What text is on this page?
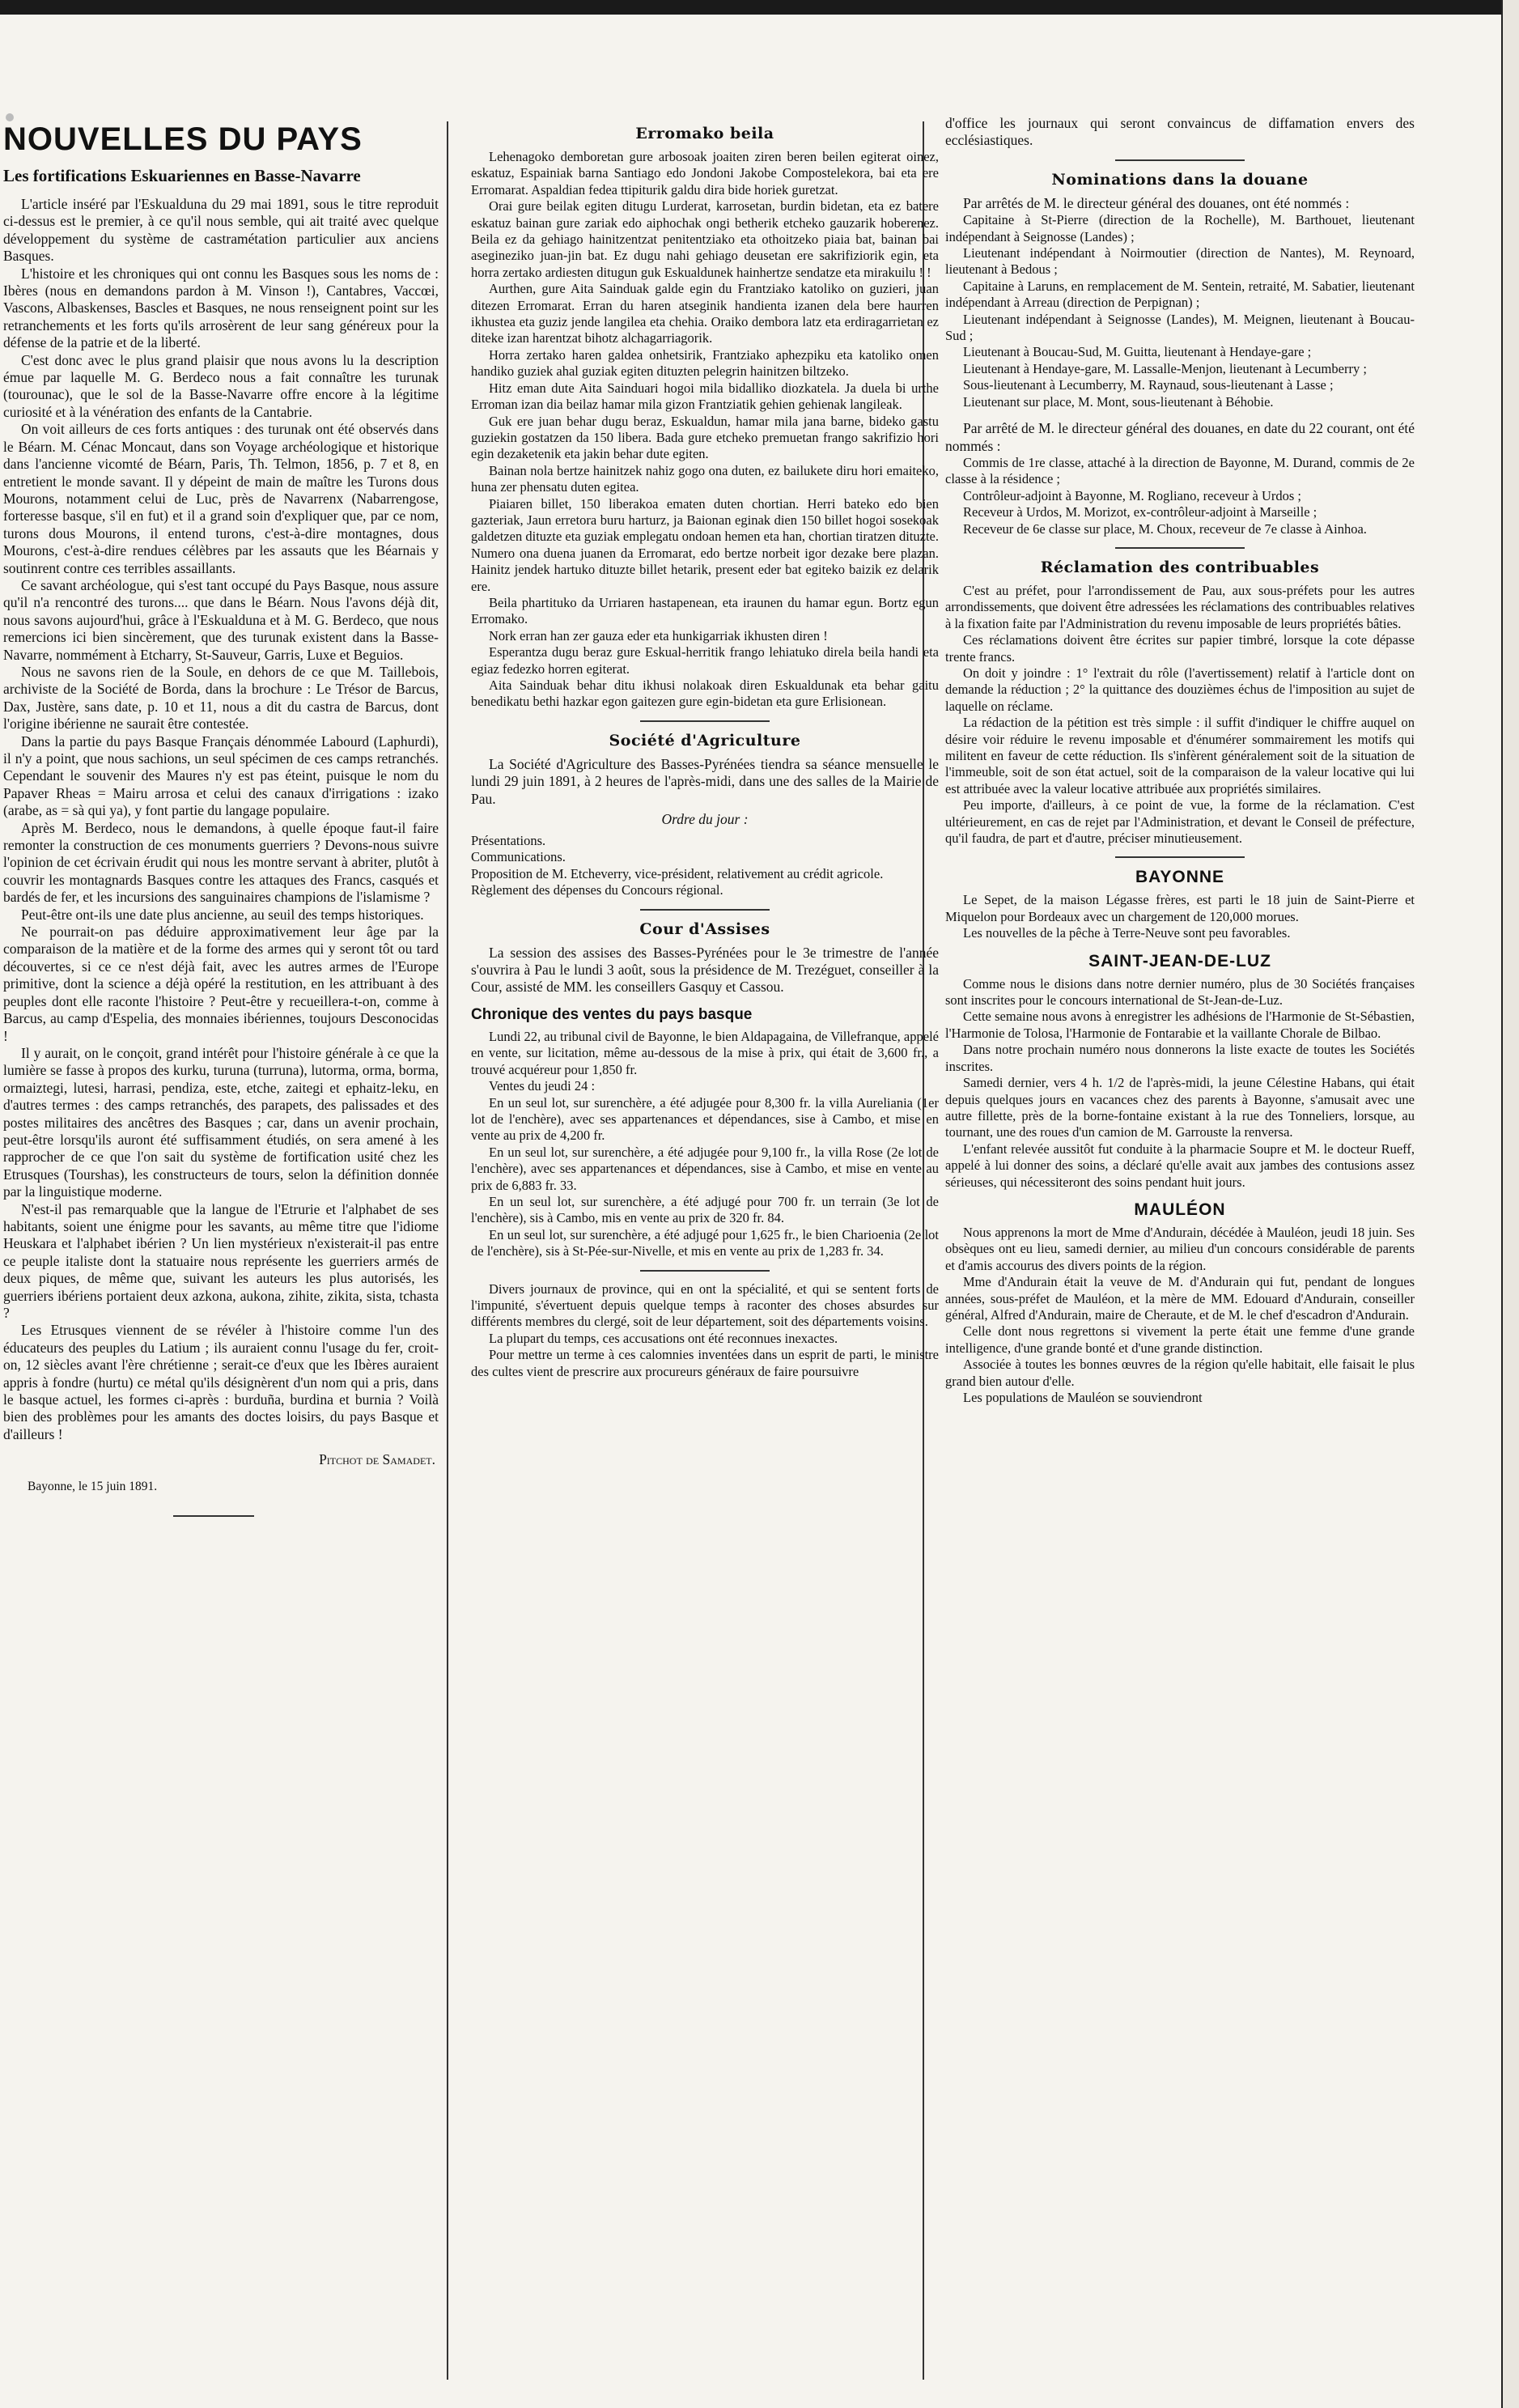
NOUVELLES DU PAYS
Les fortifications Eskuariennes en Basse-Navarre

L'article inséré par l'Eskualduna du 29 mai 1891, sous le titre reproduit ci-dessus est le premier, à ce qu'il nous semble, qui ait traité avec quelque développement du système de castramétation particulier aux anciens Basques.

L'histoire et les chroniques qui ont connu les Basques sous les noms de : Ibères (nous en demandons pardon à M. Vinson !), Cantabres, Vaccœi, Vascons, Albaskenses, Bascles et Basques, ne nous renseignent point sur les retranchements et les forts qu'ils arrosèrent de leur sang généreux pour la défense de la patrie et de la liberté.

C'est donc avec le plus grand plaisir que nous avons lu la description émue par laquelle M. G. Berdeco nous a fait connaître les turunak (tourounac), que le sol de la Basse-Navarre offre encore à la légitime curiosité et à la vénération des enfants de la Cantabrie.

On voit ailleurs de ces forts antiques : des turunak ont été observés dans le Béarn. M. Cénac Moncaut, dans son Voyage archéologique et historique dans l'ancienne vicomté de Béarn, Paris, Th. Telmon, 1856, p. 7 et 8, en entretient le monde savant. Il y dépeint de main de maître les Turons dous Mourons, notamment celui de Luc, près de Navarrenx (Nabarrengose, forteresse basque, s'il en fut) et il a grand soin d'expliquer que, par ce nom, turons dous Mourons, il entend turons, c'est-à-dire montagnes, dous Mourons, c'est-à-dire rendues célèbres par les assauts que les Béarnais y soutinrent contre ces terribles assaillants.

Ce savant archéologue, qui s'est tant occupé du Pays Basque, nous assure qu'il n'a rencontré des turons.... que dans le Béarn. Nous l'avons déjà dit, nous savons aujourd'hui, grâce à l'Eskualduna et à M. G. Berdeco, que nous remercions ici bien sincèrement, que des turunak existent dans la Basse-Navarre, nommément à Etcharry, St-Sauveur, Garris, Luxe et Beguios.

Nous ne savons rien de la Soule, en dehors de ce que M. Taillebois, archiviste de la Société de Borda, dans la brochure : Le Trésor de Barcus, Dax, Justère, sans date, p. 10 et 11, nous a dit du castra de Barcus, dont l'origine ibérienne ne saurait être contestée.

Dans la partie du pays Basque Français dénommée Labourd (Laphurdi), il n'y a point, que nous sachions, un seul spécimen de ces camps retranchés. Cependant le souvenir des Maures n'y est pas éteint, puisque le nom du Papaver Rheas = Mairu arrosa et celui des canaux d'irrigations : izako (arabe, as = sà qui ya), y font partie du langage populaire.

Après M. Berdeco, nous le demandons, à quelle époque faut-il faire remonter la construction de ces monuments guerriers ? Devons-nous suivre l'opinion de cet écrivain érudit qui nous les montre servant à abriter, plutôt à couvrir les montagnards Basques contre les attaques des Francs, casqués et bardés de fer, et les incursions des sanguinaires champions de l'islamisme ?

Peut-être ont-ils une date plus ancienne, au seuil des temps historiques.

Ne pourrait-on pas déduire approximativement leur âge par la comparaison de la matière et de la forme des armes qui y seront tôt ou tard découvertes, si ce ce n'est déjà fait, avec les autres armes de l'Europe primitive, dont la science a déjà opéré la restitution, en les attribuant à des peuples dont elle raconte l'histoire ? Peut-être y recueillera-t-on, comme à Barcus, au camp d'Espelia, des monnaies ibériennes, toujours Desconocidas !

Il y aurait, on le conçoit, grand intérêt pour l'histoire générale à ce que la lumière se fasse à propos des kurku, turuna (turruna), lutorma, orma, borma, ormaiztegi, lutesi, harrasi, pendiza, este, etche, zaitegi et ephaitz-leku, en d'autres termes : des camps retranchés, des parapets, des palissades et des postes militaires des ancêtres des Basques ; car, dans un avenir prochain, peut-être lorsqu'ils auront été suffisamment étudiés, on sera amené à les rapprocher de ce que l'on sait du système de fortification usité chez les Etrusques (Tourshas), les constructeurs de tours, selon la définition donnée par la linguistique moderne.

N'est-il pas remarquable que la langue de l'Etrurie et l'alphabet de ses habitants, soient une énigme pour les savants, au même titre que l'idiome Heuskara et l'alphabet ibérien ? Un lien mystérieux n'existerait-il pas entre ce peuple italiste dont la statuaire nous représente les guerriers armés de deux piques, de même que, suivant les auteurs les plus autorisés, les guerriers ibériens portaient deux azkona, aukona, zihite, zikita, sista, tchasta ?

Les Etrusques viennent de se révéler à l'histoire comme l'un des éducateurs des peuples du Latium ; ils auraient connu l'usage du fer, croit-on, 12 siècles avant l'ère chrétienne ; serait-ce d'eux que les Ibères auraient appris à fondre (hurtu) ce métal qu'ils désignèrent d'un nom qui a pris, dans le basque actuel, les formes ci-après : burduña, burdina et burnia ? Voilà bien des problèmes pour les amants des doctes loisirs, du pays Basque et d'ailleurs !

Pitchot de Samadet.
Bayonne, le 15 juin 1891.
Erromako beila

Lehenagoko demboretan gure arbosoak joaiten ziren beren beilen egiterat oinez, eskatuz, Espainiak barna Santiago edo Jondoni Jakobe Compostelekora, bai eta ere Erromarat. Aspaldian fedea ttipiturik galdu dira bide horiek guretzat.

Orai gure beilak egiten ditugu Lurderat, karrosetan, burdin bidetan, eta ez batere eskatuz bainan gure zariak edo aiphochak ongi betherik etcheko gauzarik hoberenez. Beila ez da gehiago hainitzentzat penitentziako eta othoitzeko piaia bat, bainan bai asegineziko juan-jin bat. Ez dugu nahi gehiago deusetan ere sakrifiziorik egin, eta horra zertako ardiesten ditugun guk Eskualdunek hainhertze sendatze eta mirakuilu ! !

Aurthen, gure Aita Sainduak galde egin du Frantziako katoliko on guzieri, juan ditezen Erromarat. Erran du haren atseginik handienta izanen dela bere haurren ikhustea eta guziz jende langilea eta chehia. Oraiko dembora latz eta erdiragarrietan ez diteke izan harentzat bihotz alchagarriagorik.

Horra zertako haren galdea onhetsirik, Frantziako aphezpiku eta katoliko omen handiko guziek ahal guziak egiten dituzten pelegrin hainitzen biltzeko.

Hitz eman dute Aita Sainduari hogoi mila bidalliko diozkatela. Ja duela bi urthe Erroman izan dia beilaz hamar mila gizon Frantziatik gehien gehienak langileak.

Guk ere juan behar dugu beraz, Eskualdun, hamar mila jana barne, bideko gastu guziekin gostatzen da 150 libera. Bada gure etcheko premuetan frango sakrifizio hori egin dezaketenik eta jakin behar dute egiten.

Bainan nola bertze hainitzek nahiz gogo ona duten, ez bailukete diru hori emaiteko, huna zer phensatu duten egitea.

Piaiaren billet, 150 liberakoa ematen duten chortian. Herri bateko edo bien gazteriak, Jaun erretora buru harturz, ja Baionan eginak dien 150 billet hogoi sosekoak galdetzen dituzte eta guziak emplegatu ondoan hemen eta han, chortian tiratzen dituzte. Numero ona duena juanen da Erromarat, edo bertze norbeit igor dezake bere plazan. Hainitz jendek hartuko dituzte billet hetarik, present eder bat egiteko baizik ez delarik ere.

Beila phartituko da Urriaren hastapenean, eta iraunen du hamar egun. Bortz egun Erromako.

Nork erran han zer gauza eder eta hunkigarriak ikhusten diren !

Esperantza dugu beraz gure Eskual-herritik frango lehiatuko direla beila handi eta egiaz fedezko horren egiterat.

Aita Sainduak behar ditu ikhusi nolakoak diren Eskualdunak eta behar gaitu benedikatu bethi hazkar egon gaitezen gure egin-bidetan eta gure Erlisionean.

Société d'Agriculture

La Société d'Agriculture des Basses-Pyrénées tiendra sa séance mensuelle le lundi 29 juin 1891, à 2 heures de l'après-midi, dans une des salles de la Mairie de Pau.

Ordre du jour :

Présentations.

Communications.

Proposition de M. Etcheverry, vice-président, relativement au crédit agricole.

Règlement des dépenses du Concours régional.

Cour d'Assises

La session des assises des Basses-Pyrénées pour le 3e trimestre de l'année s'ouvrira à Pau le lundi 3 août, sous la présidence de M. Trezéguet, conseiller à la Cour, assisté de MM. les conseillers Gasquy et Cassou.

Chronique des ventes du pays basque

Lundi 22, au tribunal civil de Bayonne, le bien Aldapagaina, de Villefranque, appelé en vente, sur licitation, même au-dessous de la mise à prix, qui était de 3,600 fr., a trouvé acquéreur pour 1,850 fr.

Ventes du jeudi 24 :

En un seul lot, sur surenchère, a été adjugée pour 8,300 fr. la villa Aureliania (1er lot de l'enchère), avec ses appartenances et dépendances, sise à Cambo, et mise en vente au prix de 4,200 fr.

En un seul lot, sur surenchère, a été adjugée pour 9,100 fr., la villa Rose (2e lot de l'enchère), avec ses appartenances et dépendances, sise à Cambo, et mise en vente au prix de 6,883 fr. 33.

En un seul lot, sur surenchère, a été adjugé pour 700 fr. un terrain (3e lot de l'enchère), sis à Cambo, mis en vente au prix de 320 fr. 84.

En un seul lot, sur surenchère, a été adjugé pour 1,625 fr., le bien Charioenia (2e lot de l'enchère), sis à St-Pée-sur-Nivelle, et mis en vente au prix de 1,283 fr. 34.

Divers journaux de province, qui en ont la spécialité, et qui se sentent forts de l'impunité, s'évertuent depuis quelque temps à raconter des choses absurdes sur différents membres du clergé, soit de leur département, soit des départements voisins.

La plupart du temps, ces accusations ont été reconnues inexactes.

Pour mettre un terme à ces calomnies inventées dans un esprit de parti, le ministre des cultes vient de prescrire aux procureurs généraux de faire poursuivre

d'office les journaux qui seront convaincus de diffamation envers des ecclésiastiques.

Nominations dans la douane

Par arrêtés de M. le directeur général des douanes, ont été nommés :

Capitaine à St-Pierre (direction de la Rochelle), M. Barthouet, lieutenant indépendant à Seignosse (Landes) ;

Lieutenant indépendant à Noirmoutier (direction de Nantes), M. Reynoard, lieutenant à Bedous ;

Capitaine à Laruns, en remplacement de M. Sentein, retraité, M. Sabatier, lieutenant indépendant à Arreau (direction de Perpignan) ;

Lieutenant indépendant à Seignosse (Landes), M. Meignen, lieutenant à Boucau-Sud ;

Lieutenant à Boucau-Sud, M. Guitta, lieutenant à Hendaye-gare ;

Lieutenant à Hendaye-gare, M. Lassalle-Menjon, lieutenant à Lecumberry ;

Sous-lieutenant à Lecumberry, M. Raynaud, sous-lieutenant à Lasse ;

Lieutenant sur place, M. Mont, sous-lieutenant à Béhobie.

Par arrêté de M. le directeur général des douanes, en date du 22 courant, ont été nommés :

Commis de 1re classe, attaché à la direction de Bayonne, M. Durand, commis de 2e classe à la résidence ;

Contrôleur-adjoint à Bayonne, M. Rogliano, receveur à Urdos ;

Receveur à Urdos, M. Morizot, ex-contrôleur-adjoint à Marseille ;

Receveur de 6e classe sur place, M. Choux, receveur de 7e classe à Ainhoa.

Réclamation des contribuables

C'est au préfet, pour l'arrondissement de Pau, aux sous-préfets pour les autres arrondissements, que doivent être adressées les réclamations des contribuables relatives à la fixation faite par l'Administration du revenu imposable de leurs propriétés bâties.

Ces réclamations doivent être écrites sur papier timbré, lorsque la cote dépasse trente francs.

On doit y joindre : 1° l'extrait du rôle (l'avertissement) relatif à l'article dont on demande la réduction ; 2° la quittance des douzièmes échus de l'imposition au sujet de laquelle on réclame.

La rédaction de la pétition est très simple : il suffit d'indiquer le chiffre auquel on désire voir réduire le revenu imposable et d'énumérer sommairement les motifs qui militent en faveur de cette réduction. Ils s'infèrent généralement soit de la situation de l'immeuble, soit de son état actuel, soit de la comparaison de la valeur locative qui lui est attribuée avec la valeur locative attribuée aux propriétés similaires.

Peu importe, d'ailleurs, à ce point de vue, la forme de la réclamation. C'est ultérieurement, en cas de rejet par l'Administration, et devant le Conseil de préfecture, qu'il faudra, de part et d'autre, préciser minutieusement.

BAYONNE

Le Sepet, de la maison Légasse frères, est parti le 18 juin de Saint-Pierre et Miquelon pour Bordeaux avec un chargement de 120,000 morues.

Les nouvelles de la pêche à Terre-Neuve sont peu favorables.

SAINT-JEAN-DE-LUZ

Comme nous le disions dans notre dernier numéro, plus de 30 Sociétés françaises sont inscrites pour le concours international de St-Jean-de-Luz.

Cette semaine nous avons à enregistrer les adhésions de l'Harmonie de St-Sébastien, l'Harmonie de Tolosa, l'Harmonie de Fontarabie et la vaillante Chorale de Bilbao.

Dans notre prochain numéro nous donnerons la liste exacte de toutes les Sociétés inscrites.

Samedi dernier, vers 4 h. 1/2 de l'après-midi, la jeune Célestine Habans, qui était depuis quelques jours en vacances chez des parents à Bayonne, s'amusait avec une autre fillette, près de la borne-fontaine existant à la rue des Tonneliers, lorsque, au tournant, une des roues d'un camion de M. Garrouste la renversa.

L'enfant relevée aussitôt fut conduite à la pharmacie Soupre et M. le docteur Rueff, appelé à lui donner des soins, a déclaré qu'elle avait aux jambes des contusions assez sérieuses, qui nécessiteront des soins pendant huit jours.

MAULÉON

Nous apprenons la mort de Mme d'Andurain, décédée à Mauléon, jeudi 18 juin. Ses obsèques ont eu lieu, samedi dernier, au milieu d'un concours considérable de parents et d'amis accourus des divers points de la région.

Mme d'Andurain était la veuve de M. d'Andurain qui fut, pendant de longues années, sous-préfet de Mauléon, et la mère de MM. Edouard d'Andurain, conseiller général, Alfred d'Andurain, maire de Cheraute, et de M. le chef d'escadron d'Andurain.

Celle dont nous regrettons si vivement la perte était une femme d'une grande intelligence, d'une grande bonté et d'une grande distinction.

Associée à toutes les bonnes œuvres de la région qu'elle habitait, elle faisait le plus grand bien autour d'elle.

Les populations de Mauléon se souviendront
